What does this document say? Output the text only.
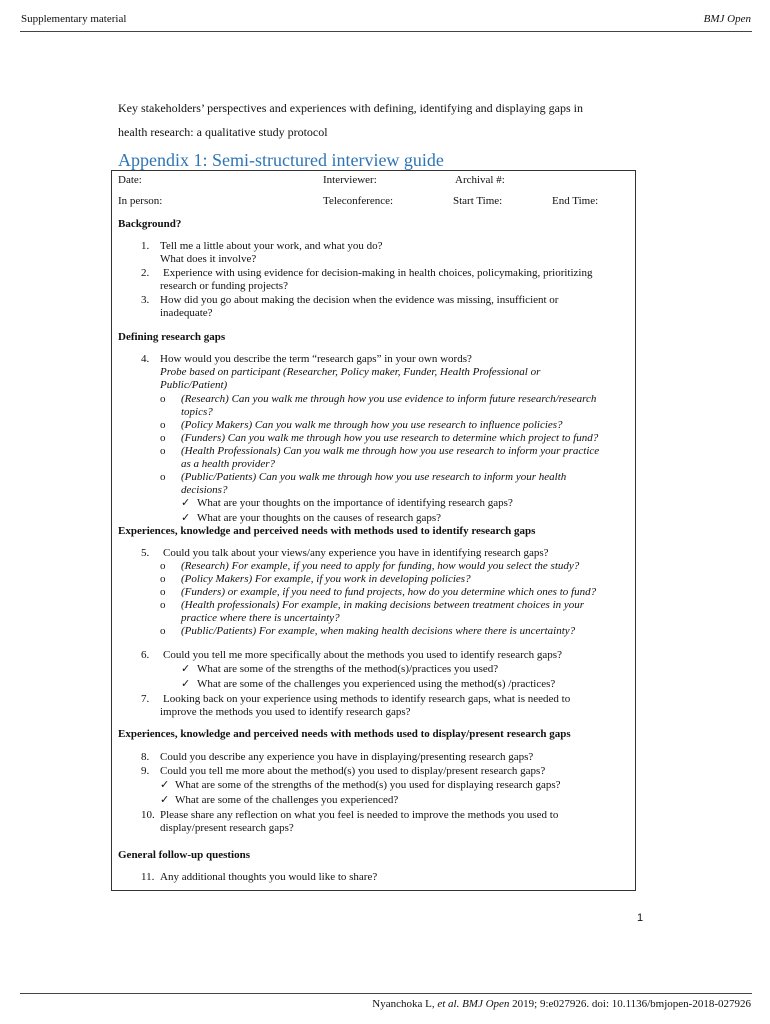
Supplementary material	BMJ Open
Key stakeholders’ perspectives and experiences with defining, identifying and displaying gaps in
health research: a qualitative study protocol
Appendix 1: Semi-structured interview guide
Date:	Interviewer:	Archival #:
In person:	Teleconference:	Start Time:	End Time:
Background?
1. Tell me a little about your work, and what you do?
What does it involve?
2. Experience with using evidence for decision-making in health choices, policymaking, prioritizing
research or funding projects?
3. How did you go about making the decision when the evidence was missing, insufficient or
inadequate?
Defining research gaps
4. How would you describe the term “research gaps” in your own words?
Probe based on participant (Researcher, Policy maker, Funder, Health Professional or
Public/Patient)
o (Research) Can you walk me through how you use evidence to inform future research/research
topics?
o (Policy Makers) Can you walk me through how you use research to influence policies?
o (Funders) Can you walk me through how you use research to determine which project to fund?
o (Health Professionals) Can you walk me through how you use research to inform your practice
as a health provider?
o (Public/Patients) Can you walk me through how you use research to inform your health
decisions?
✓ What are your thoughts on the importance of identifying research gaps?
✓ What are your thoughts on the causes of research gaps?
Experiences, knowledge and perceived needs with methods used to identify research gaps
5. Could you talk about your views/any experience you have in identifying research gaps?
o (Research) For example, if you need to apply for funding, how would you select the study?
o (Policy Makers) For example, if you work in developing policies?
o (Funders) or example, if you need to fund projects, how do you determine which ones to fund?
o (Health professionals) For example, in making decisions between treatment choices in your
practice where there is uncertainty?
o (Public/Patients) For example, when making health decisions where there is uncertainty?
6. Could you tell me more specifically about the methods you used to identify research gaps?
✓ What are some of the strengths of the method(s)/practices you used?
✓ What are some of the challenges you experienced using the method(s) /practices?
7. Looking back on your experience using methods to identify research gaps, what is needed to
improve the methods you used to identify research gaps?
Experiences, knowledge and perceived needs with methods used to display/present research gaps
8. Could you describe any experience you have in displaying/presenting research gaps?
9. Could you tell me more about the method(s) you used to display/present research gaps?
✓ What are some of the strengths of the method(s) you used for displaying research gaps?
✓ What are some of the challenges you experienced?
10. Please share any reflection on what you feel is needed to improve the methods you used to
display/present research gaps?
General follow-up questions
11. Any additional thoughts you would like to share?
1
Nyanchoka L, et al. BMJ Open 2019; 9:e027926. doi: 10.1136/bmjopen-2018-027926
